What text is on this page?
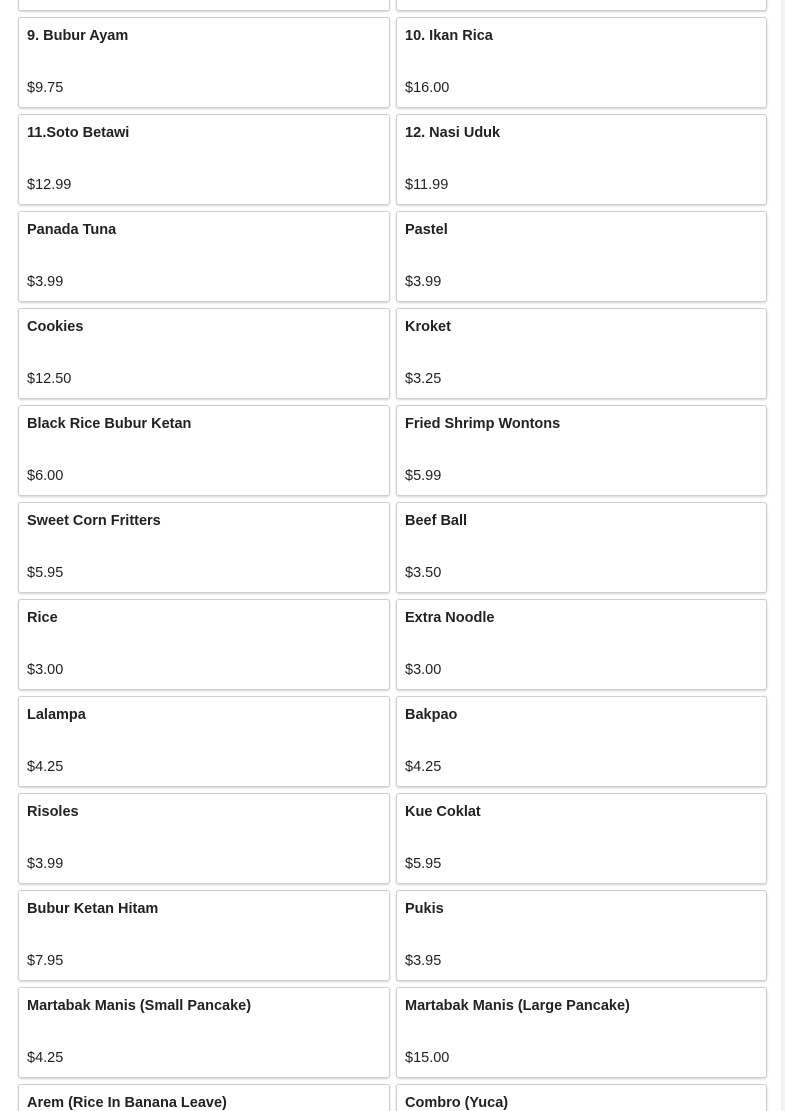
9. Bubur Ayam
$9.75
10. Ikan Rica
$16.00
11.Soto Betawi
$12.99
12. Nasi Uduk
$11.99
Panada Tuna
$3.99
Pastel
$3.99
Cookies
$12.50
Kroket
$3.25
Black Rice Bubur Ketan
$6.00
Fried Shrimp Wontons
$5.99
Sweet Corn Fritters
$5.95
Beef Ball
$3.50
Rice
$3.00
Extra Noodle
$3.00
Lalampa
$4.25
Bakpao
$4.25
Risoles
$3.99
Kue Coklat
$5.95
Bubur Ketan Hitam
$7.95
Pukis
$3.95
Martabak Manis (Small Pancake)
$4.25
Martabak Manis (Large Pancake)
$15.00
Arem (Rice In Banana Leave)	Combro (Yuca)
